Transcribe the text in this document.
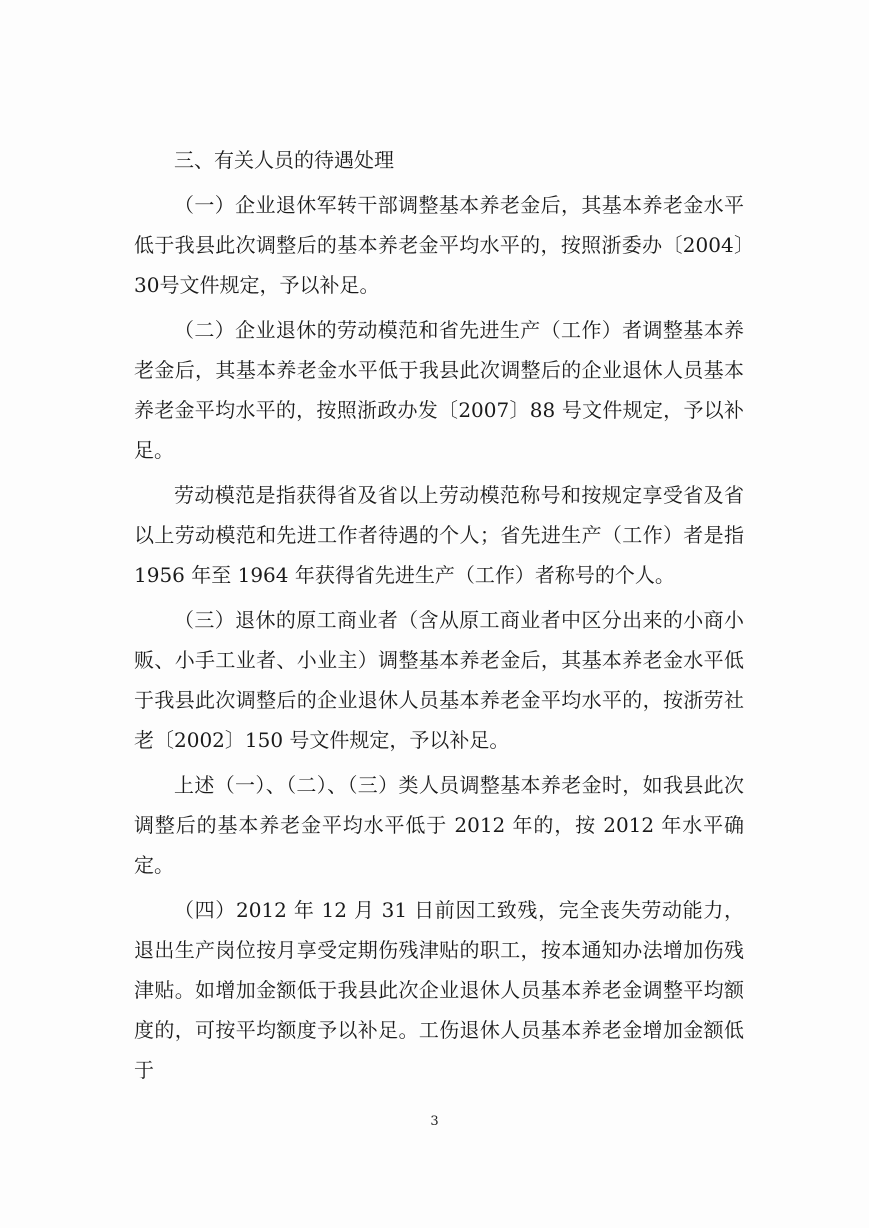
三、有关人员的待遇处理

（一）企业退休军转干部调整基本养老金后，其基本养老金水平低于我县此次调整后的基本养老金平均水平的，按照浙委办〔2004〕30号文件规定，予以补足。

（二）企业退休的劳动模范和省先进生产（工作）者调整基本养老金后，其基本养老金水平低于我县此次调整后的企业退休人员基本养老金平均水平的，按照浙政办发〔2007〕88 号文件规定，予以补足。

劳动模范是指获得省及省以上劳动模范称号和按规定享受省及省以上劳动模范和先进工作者待遇的个人；省先进生产（工作）者是指 1956 年至 1964 年获得省先进生产（工作）者称号的个人。

（三）退休的原工商业者（含从原工商业者中区分出来的小商小贩、小手工业者、小业主）调整基本养老金后，其基本养老金水平低于我县此次调整后的企业退休人员基本养老金平均水平的，按浙劳社老〔2002〕150 号文件规定，予以补足。

上述（一）、（二）、（三）类人员调整基本养老金时，如我县此次调整后的基本养老金平均水平低于 2012 年的，按 2012 年水平确定。

（四）2012 年 12 月 31 日前因工致残，完全丧失劳动能力，退出生产岗位按月享受定期伤残津贴的职工，按本通知办法增加伤残津贴。如增加金额低于我县此次企业退休人员基本养老金调整平均额度的，可按平均额度予以补足。工伤退休人员基本养老金增加金额低于

3
